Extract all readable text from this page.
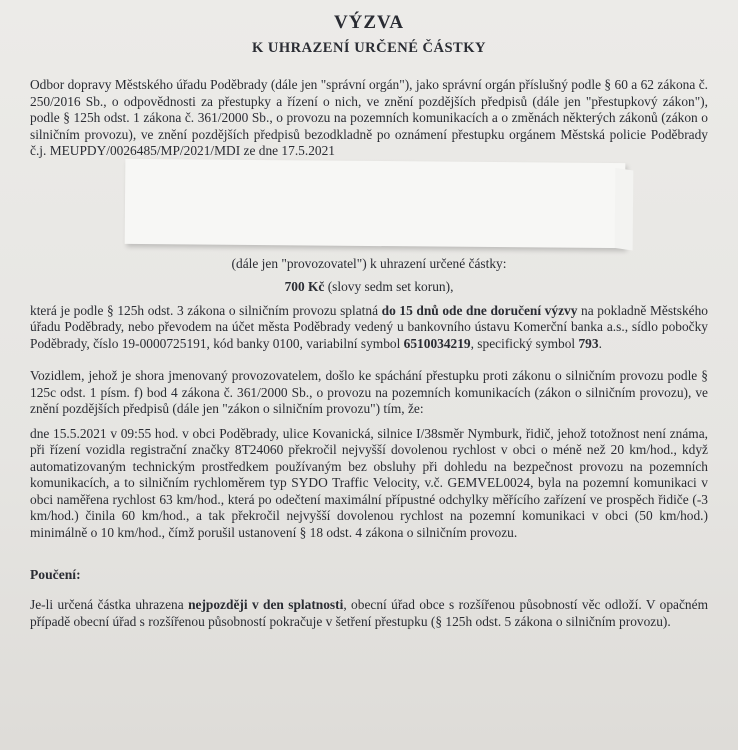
VÝZVA
K UHRAZENÍ URČENÉ ČÁSTKY

Odbor dopravy Městského úřadu Poděbrady (dále jen "správní orgán"), jako správní orgán příslušný podle § 60 a 62 zákona č. 250/2016 Sb., o odpovědnosti za přestupky a řízení o nich, ve znění pozdějších předpisů (dále jen "přestupkový zákon"), podle § 125h odst. 1 zákona č. 361/2000 Sb., o provozu na pozemních komunikacích a o změnách některých zákonů (zákon o silničním provozu), ve znění pozdějších předpisů bezodkladně po oznámení přestupku orgánem Městská policie Poděbrady č.j. MEUPDY/0026485/MP/2021/MDI ze dne 17.5.2021

(dále jen "provozovatel") k uhrazení určené částky:

700 Kč (slovy sedm set korun),

která je podle § 125h odst. 3 zákona o silničním provozu splatná do 15 dnů ode dne doručení výzvy na pokladně Městského úřadu Poděbrady, nebo převodem na účet města Poděbrady vedený u bankovního ústavu Komerční banka a.s., sídlo pobočky Poděbrady, číslo 19-0000725191, kód banky 0100, variabilní symbol 6510034219, specifický symbol 793.

Vozidlem, jehož je shora jmenovaný provozovatelem, došlo ke spáchání přestupku proti zákonu o silničním provozu podle § 125c odst. 1 písm. f) bod 4 zákona č. 361/2000 Sb., o provozu na pozemních komunikacích (zákon o silničním provozu), ve znění pozdějších předpisů (dále jen "zákon o silničním provozu") tím, že:

dne 15.5.2021 v 09:55 hod. v obci Poděbrady, ulice Kovanická, silnice I/38směr Nymburk, řidič, jehož totožnost není známa, při řízení vozidla registrační značky 8T24060 překročil nejvyšší dovolenou rychlost v obci o méně než 20 km/hod., když automatizovaným technickým prostředkem používaným bez obsluhy při dohledu na bezpečnost provozu na pozemních komunikacích, a to silničním rychloměrem typ SYDO Traffic Velocity, v.č. GEMVEL0024, byla na pozemní komunikaci v obci naměřena rychlost 63 km/hod., která po odečtení maximální přípustné odchylky měřícího zařízení ve prospěch řidiče (-3 km/hod.) činila 60 km/hod., a tak překročil nejvyšší dovolenou rychlost na pozemní komunikaci v obci (50 km/hod.) minimálně o 10 km/hod., čímž porušil ustanovení § 18 odst. 4 zákona o silničním provozu.

Poučení:

Je-li určená částka uhrazena nejpozději v den splatnosti, obecní úřad obce s rozšířenou působností věc odloží. V opačném případě obecní úřad s rozšířenou působností pokračuje v šetření přestupku (§ 125h odst. 5 zákona o silničním provozu).
